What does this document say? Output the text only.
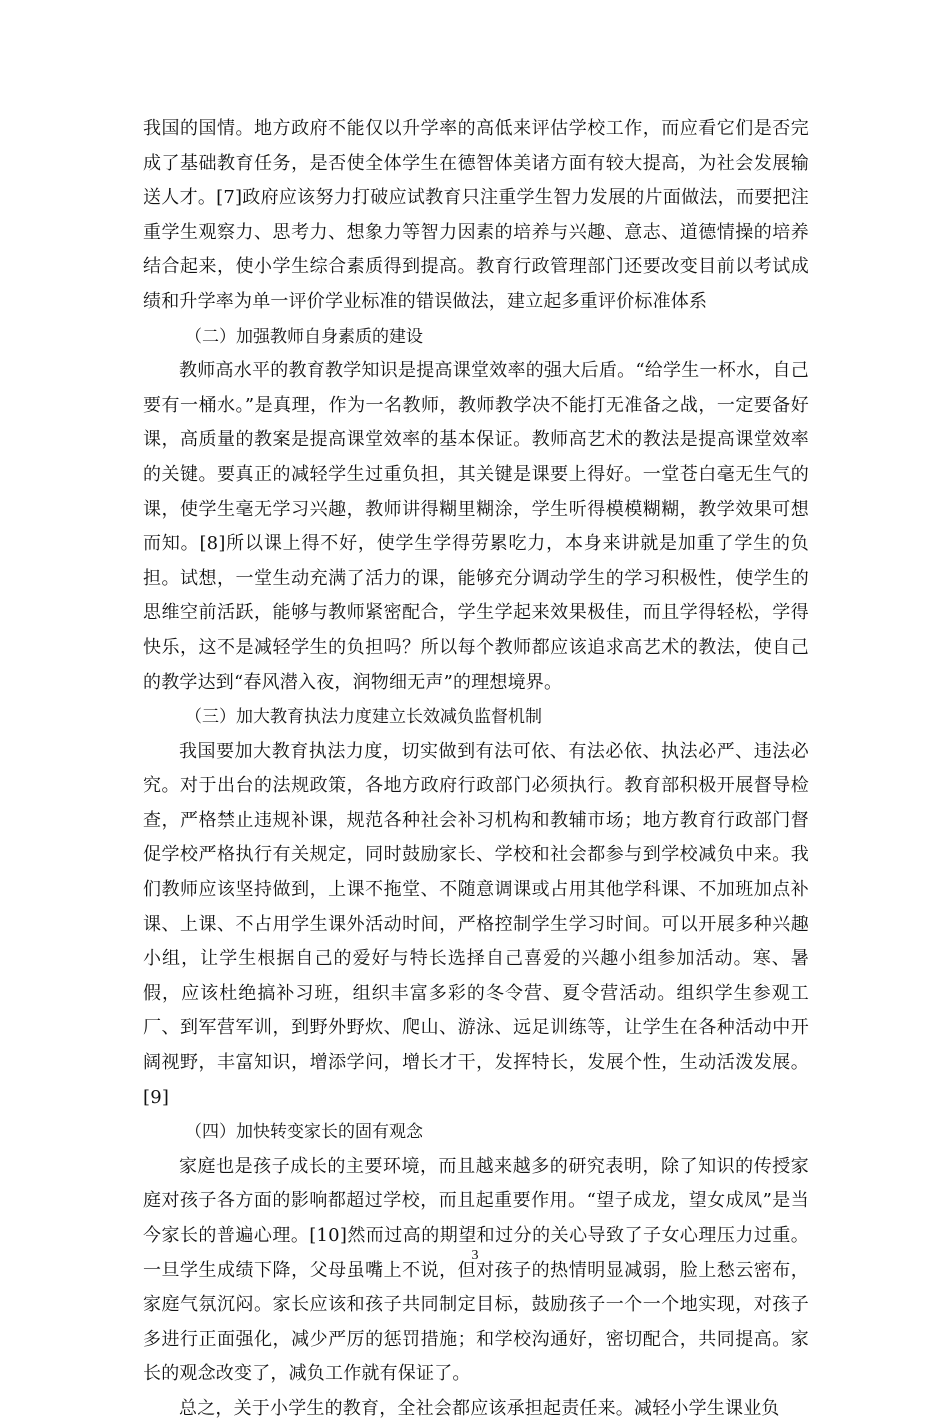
我国的国情。地方政府不能仅以升学率的高低来评估学校工作，而应看它们是否完成了基础教育任务，是否使全体学生在德智体美诸方面有较大提高，为社会发展输送人才。[7]政府应该努力打破应试教育只注重学生智力发展的片面做法，而要把注重学生观察力、思考力、想象力等智力因素的培养与兴趣、意志、道德情操的培养结合起来，使小学生综合素质得到提高。教育行政管理部门还要改变目前以考试成绩和升学率为单一评价学业标准的错误做法，建立起多重评价标准体系

（二）加强教师自身素质的建设

教师高水平的教育教学知识是提高课堂效率的强大后盾。“给学生一杯水，自己要有一桶水。”是真理，作为一名教师，教师教学决不能打无准备之战，一定要备好课，高质量的教案是提高课堂效率的基本保证。教师高艺术的教法是提高课堂效率的关键。要真正的减轻学生过重负担，其关键是课要上得好。一堂苍白毫无生气的课，使学生毫无学习兴趣，教师讲得糊里糊涂，学生听得模模糊糊，教学效果可想而知。[8]所以课上得不好，使学生学得劳累吃力，本身来讲就是加重了学生的负担。试想，一堂生动充满了活力的课，能够充分调动学生的学习积极性，使学生的思维空前活跃，能够与教师紧密配合，学生学起来效果极佳，而且学得轻松，学得快乐，这不是减轻学生的负担吗？所以每个教师都应该追求高艺术的教法，使自己的教学达到“春风潜入夜，润物细无声”的理想境界。

（三）加大教育执法力度建立长效减负监督机制

我国要加大教育执法力度，切实做到有法可依、有法必依、执法必严、违法必究。对于出台的法规政策，各地方政府行政部门必须执行。教育部积极开展督导检查，严格禁止违规补课，规范各种社会补习机构和教辅市场；地方教育行政部门督促学校严格执行有关规定，同时鼓励家长、学校和社会都参与到学校减负中来。我们教师应该坚持做到，上课不拖堂、不随意调课或占用其他学科课、不加班加点补课、上课、不占用学生课外活动时间，严格控制学生学习时间。可以开展多种兴趣小组，让学生根据自己的爱好与特长选择自己喜爱的兴趣小组参加活动。寒、暑假，应该杜绝搞补习班，组织丰富多彩的冬令营、夏令营活动。组织学生参观工厂、到军营军训，到野外野炊、爬山、游泳、远足训练等，让学生在各种活动中开阔视野，丰富知识，增添学问，增长才干，发挥特长，发展个性，生动活泼发展。[9]

（四）加快转变家长的固有观念

家庭也是孩子成长的主要环境，而且越来越多的研究表明，除了知识的传授家庭对孩子各方面的影响都超过学校，而且起重要作用。“望子成龙，望女成凤”是当今家长的普遍心理。[10]然而过高的期望和过分的关心导致了子女心理压力过重。一旦学生成绩下降，父母虽嘴上不说，但对孩子的热情明显减弱，脸上愁云密布，家庭气氛沉闷。家长应该和孩子共同制定目标，鼓励孩子一个一个地实现，对孩子多进行正面强化，减少严厉的惩罚措施；和学校沟通好，密切配合，共同提高。家长的观念改变了，减负工作就有保证了。

总之，关于小学生的教育，全社会都应该承担起责任来。减轻小学生课业负

3
